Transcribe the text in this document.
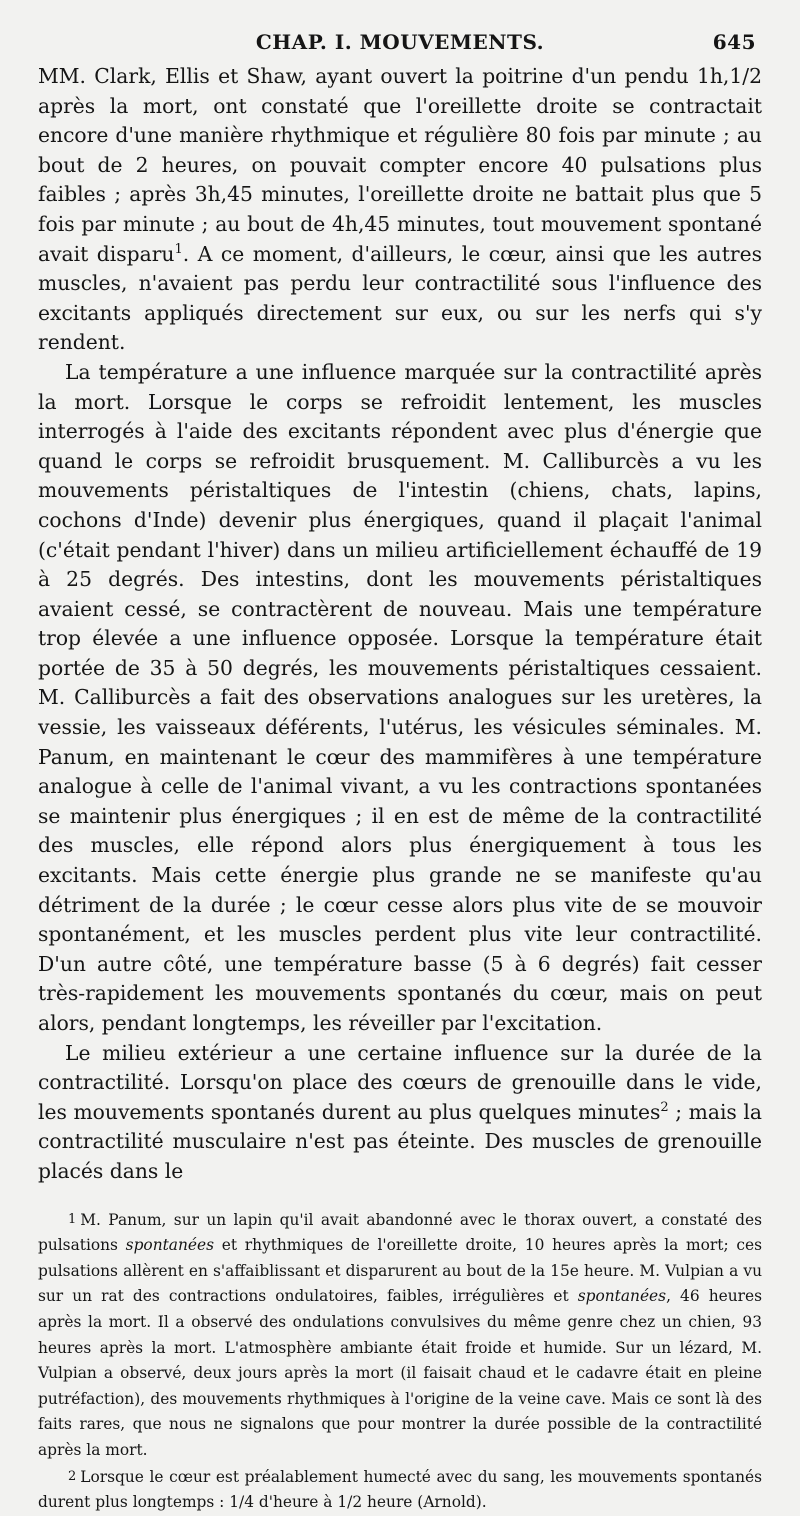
CHAP. I. MOUVEMENTS.	645

MM. Clark, Ellis et Shaw, ayant ouvert la poitrine d'un pendu 1h,1/2 après la mort, ont constaté que l'oreillette droite se contractait encore d'une manière rhythmique et régulière 80 fois par minute ; au bout de 2 heures, on pouvait compter encore 40 pulsations plus faibles ; après 3h,45 minutes, l'oreillette droite ne battait plus que 5 fois par minute ; au bout de 4h,45 minutes, tout mouvement spontané avait disparu$^1$. A ce moment, d'ailleurs, le cœur, ainsi que les autres muscles, n'avaient pas perdu leur contractilité sous l'influence des excitants appliqués directement sur eux, ou sur les nerfs qui s'y rendent.

La température a une influence marquée sur la contractilité après la mort. Lorsque le corps se refroidit lentement, les muscles interrogés à l'aide des excitants répondent avec plus d'énergie que quand le corps se refroidit brusquement. M. Calliburcès a vu les mouvements péristaltiques de l'intestin (chiens, chats, lapins, cochons d'Inde) devenir plus énergiques, quand il plaçait l'animal (c'était pendant l'hiver) dans un milieu artificiellement échauffé de 19 à 25 degrés. Des intestins, dont les mouvements péristaltiques avaient cessé, se contractèrent de nouveau. Mais une température trop élevée a une influence opposée. Lorsque la température était portée de 35 à 50 degrés, les mouvements péristaltiques cessaient. M. Calliburcès a fait des observations analogues sur les uretères, la vessie, les vaisseaux déférents, l'utérus, les vésicules séminales. M. Panum, en maintenant le cœur des mammifères à une température analogue à celle de l'animal vivant, a vu les contractions spontanées se maintenir plus énergiques ; il en est de même de la contractilité des muscles, elle répond alors plus énergiquement à tous les excitants. Mais cette énergie plus grande ne se manifeste qu'au détriment de la durée ; le cœur cesse alors plus vite de se mouvoir spontanément, et les muscles perdent plus vite leur contractilité. D'un autre côté, une température basse (5 à 6 degrés) fait cesser très-rapidement les mouvements spontanés du cœur, mais on peut alors, pendant longtemps, les réveiller par l'excitation.

Le milieu extérieur a une certaine influence sur la durée de la contractilité. Lorsqu'on place des cœurs de grenouille dans le vide, les mouvements spontanés durent au plus quelques minutes$^2$ ; mais la contractilité musculaire n'est pas éteinte. Des muscles de grenouille placés dans le

1 M. Panum, sur un lapin qu'il avait abandonné avec le thorax ouvert, a constaté des pulsations spontanées et rhythmiques de l'oreillette droite, 10 heures après la mort; ces pulsations allèrent en s'affaiblissant et disparurent au bout de la 15e heure. M. Vulpian a vu sur un rat des contractions ondulatoires, faibles, irrégulières et spontanées, 46 heures après la mort. Il a observé des ondulations convulsives du même genre chez un chien, 93 heures après la mort. L'atmosphère ambiante était froide et humide. Sur un lézard, M. Vulpian a observé, deux jours après la mort (il faisait chaud et le cadavre était en pleine putréfaction), des mouvements rhythmiques à l'origine de la veine cave. Mais ce sont là des faits rares, que nous ne signalons que pour montrer la durée possible de la contractilité après la mort.

2 Lorsque le cœur est préalablement humecté avec du sang, les mouvements spontanés durent plus longtemps : 1/4 d'heure à 1/2 heure (Arnold).
